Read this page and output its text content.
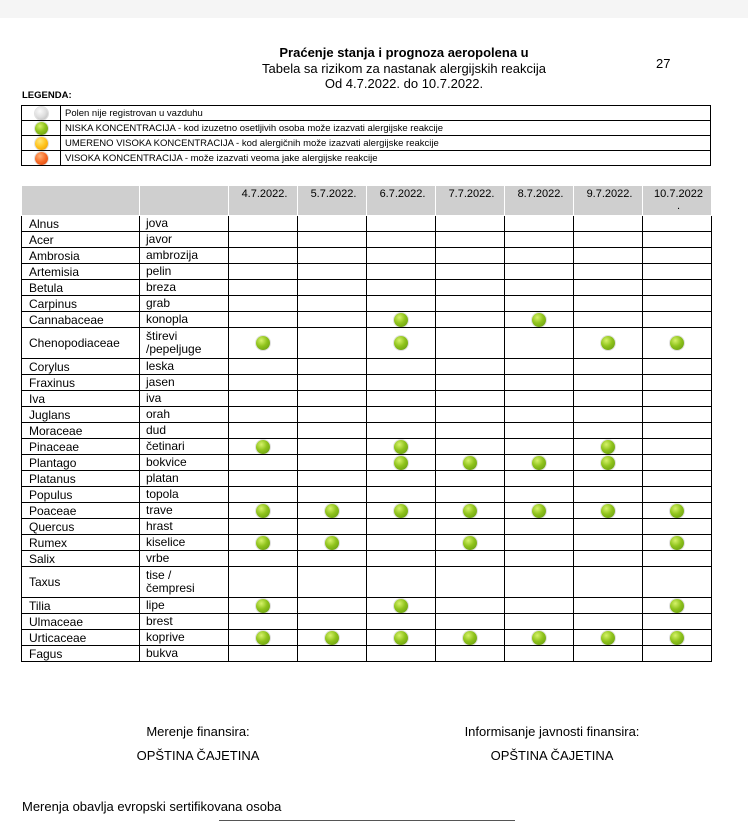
Praćenje stanja i prognoza aeropolena u
Tabela sa rizikom za nastanak alergijskih reakcija
Od 4.7.2022. do 10.7.2022.
27
LEGENDA:
	Polen nije registrovan u vazduhu
	NISKA KONCENTRACIJA - kod izuzetno osetljivih osoba može izazvati alergijske reakcije
	UMERENO VISOKA KONCENTRACIJA - kod alergičnih može izazvati alergijske reakcije
	VISOKA KONCENTRACIJA - može izazvati veoma jake alergijske reakcije
		4.7.2022.	5.7.2022.	6.7.2022.	7.7.2022.	8.7.2022.	9.7.2022.	10.7.2022
.
Alnus	jova							
Acer	javor							
Ambrosia	ambrozija							
Artemisia	pelin							
Betula	breza							
Carpinus	grab							
Cannabaceae	konopla							
Chenopodiaceae	štirevi
/pepeljuge							
Corylus	leska							
Fraxinus	jasen							
Iva	iva							
Juglans	orah							
Moraceae	dud							
Pinaceae	četinari							
Plantago	bokvice							
Platanus	platan							
Populus	topola							
Poaceae	trave							
Quercus	hrast							
Rumex	kiselice							
Salix	vrbe							
Taxus	tise /
čempresi							
Tilia	lipe							
Ulmaceae	brest							
Urticaceae	koprive							
Fagus	bukva							
Merenje finansira:
OPŠTINA ČAJETINA
Informisanje javnosti finansira:
OPŠTINA ČAJETINA
Merenja obavlja evropski sertifikovana osoba
